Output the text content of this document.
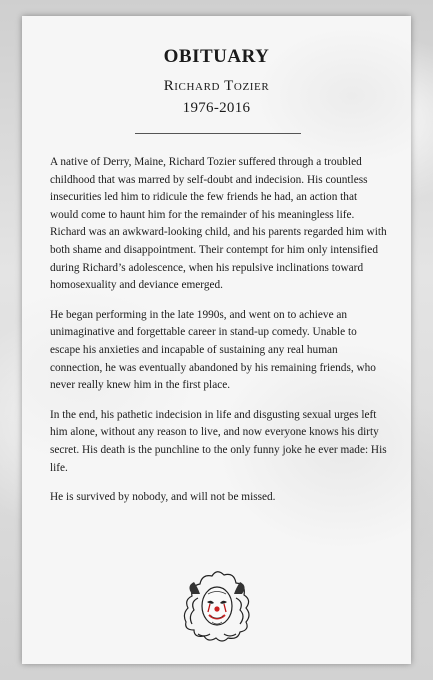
OBITUARY
Richard Tozier
1976-2016

A native of Derry, Maine, Richard Tozier suffered through a troubled childhood that was marred by self-doubt and indecision. His countless insecurities led him to ridicule the few friends he had, an action that would come to haunt him for the remainder of his meaningless life. Richard was an awkward-looking child, and his parents regarded him with both shame and disappointment. Their contempt for him only intensified during Richard’s adolescence, when his repulsive inclinations toward homosexuality and deviance emerged.

He began performing in the late 1990s, and went on to achieve an unimaginative and forgettable career in stand-up comedy. Unable to escape his anxieties and incapable of sustaining any real human connection, he was eventually abandoned by his remaining friends, who never really knew him in the first place.

In the end, his pathetic indecision in life and disgusting sexual urges left him alone, without any reason to live, and now everyone knows his dirty secret. His death is the punchline to the only funny joke he ever made: His life.

He is survived by nobody, and will not be missed.
